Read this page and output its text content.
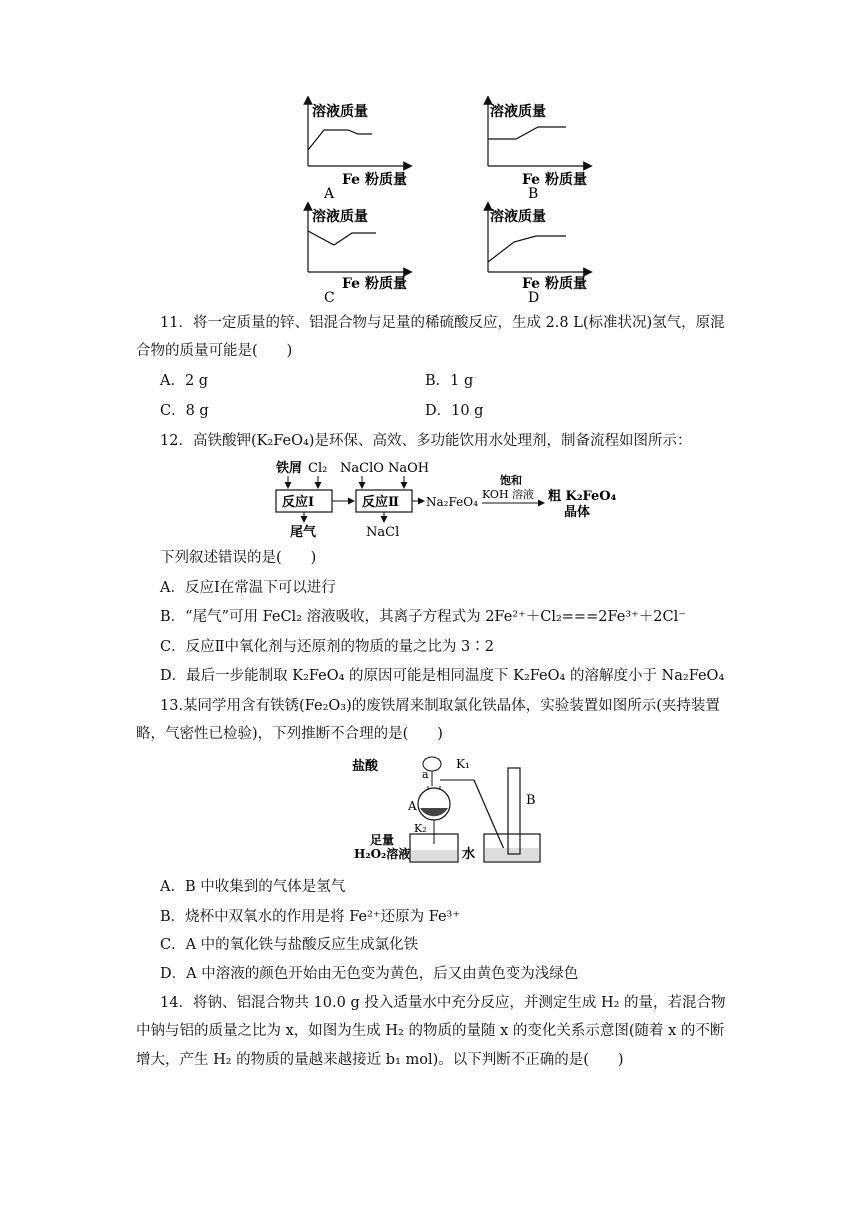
溶液质量
Fe 粉质量
A
溶液质量
Fe 粉质量
B
溶液质量
Fe 粉质量
C
溶液质量
Fe 粉质量
D
11．将一定质量的锌、铝混合物与足量的稀硫酸反应，生成 2.8 L(标准状况)氢气，原混
合物的质量可能是(　　)
A．2 g	B．1 g
C．8 g	D．10 g
12．高铁酸钾(K₂FeO₄)是环保、高效、多功能饮用水处理剂，制备流程如图所示：
铁屑 Cl₂ NaClO NaOH
反应Ⅰ	反应Ⅱ Na₂FeO₄
饱和
KOH 溶液 粗 K₂FeO₄
晶体
尾气	NaCl
下列叙述错误的是(　　)
A．反应Ⅰ在常温下可以进行
B．“尾气”可用 FeCl₂ 溶液吸收，其离子方程式为 2Fe²⁺＋Cl₂===2Fe³⁺＋2Cl⁻
C．反应Ⅱ中氧化剂与还原剂的物质的量之比为 3∶2
D．最后一步能制取 K₂FeO₄ 的原因可能是相同温度下 K₂FeO₄ 的溶解度小于 Na₂FeO₄
13.某同学用含有铁锈(Fe₂O₃)的废铁屑来制取氯化铁晶体，实验装置如图所示(夹持装置
略，气密性已检验)，下列推断不合理的是(　　)
盐酸
a
A
K₁
K₂
足量
H₂O₂溶液	水
B
A．B 中收集到的气体是氢气
B．烧杯中双氧水的作用是将 Fe²⁺还原为 Fe³⁺
C．A 中的氧化铁与盐酸反应生成氯化铁
D．A 中溶液的颜色开始由无色变为黄色，后又由黄色变为浅绿色
14．将钠、铝混合物共 10.0 g 投入适量水中充分反应，并测定生成 H₂ 的量，若混合物
中钠与铝的质量之比为 x，如图为生成 H₂ 的物质的量随 x 的变化关系示意图(随着 x 的不断
增大，产生 H₂ 的物质的量越来越接近 b₁ mol)。以下判断不正确的是(　　)
